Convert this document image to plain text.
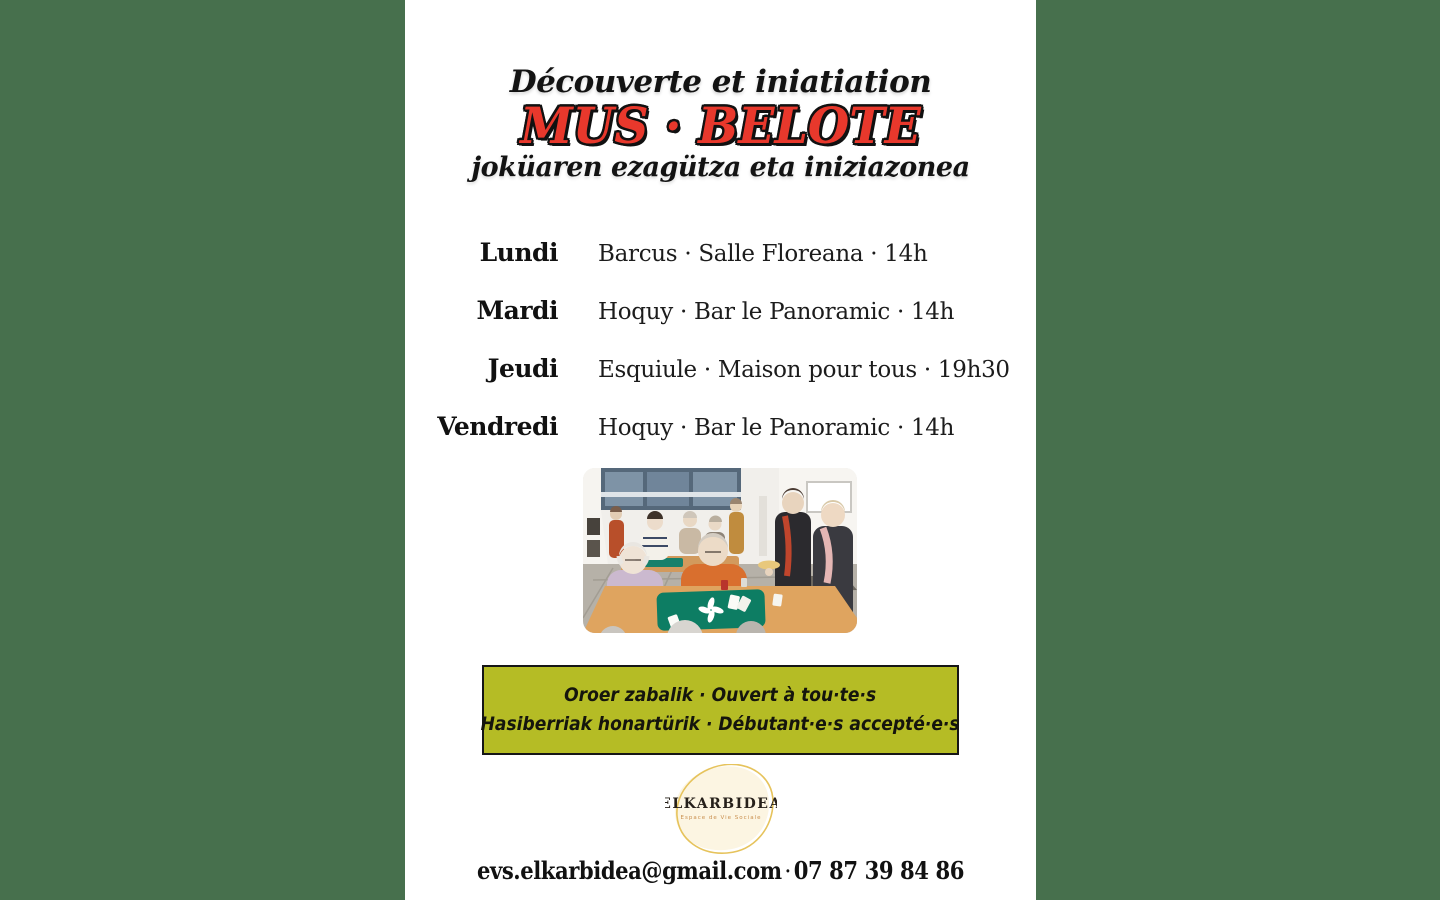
Découverte et iniatiation
MUS · BELOTE
joküaren ezagütza eta iniziazonea
Lundi Barcus · Salle Floreana · 14h
Mardi Hoquy · Bar le Panoramic · 14h
Jeudi Esquiule · Maison pour tous · 19h30
Vendredi Hoquy · Bar le Panoramic · 14h
Oroer zabalik · Ouvert à tou·te·s
Hasiberriak honartürik · Débutant·e·s accepté·e·s
ELKARBIDEA
Espace de Vie Sociale
evs.elkarbidea@gmail.com · 07 87 39 84 86
